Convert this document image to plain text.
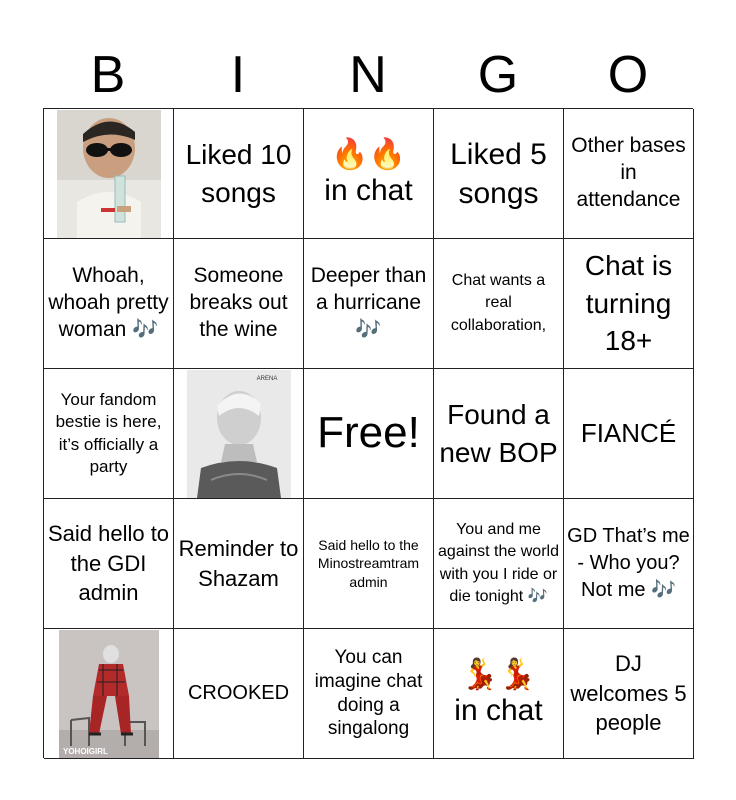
B	I	N	G	O
Liked 10 songs
🔥🔥
in chat
Liked 5 songs
Other bases in attendance
Whoah, whoah pretty woman 🎶
Someone breaks out the wine
Deeper than a hurricane 🎶
Chat wants a real collaboration,
Chat is turning 18+
Your fandom bestie is here, it’s officially a party
ARENA
Free! Found a new BOP
FIANCÉ
Said hello to the GDI admin
Reminder to Shazam
Said hello to the Minostreamtram admin
You and me against the world with you I ride or die tonight 🎶
GD That’s me - Who you? Not me 🎶
YOHOIGIRL
CROOKED
You can imagine chat doing a singalong
💃💃
in chat
DJ welcomes 5 people
